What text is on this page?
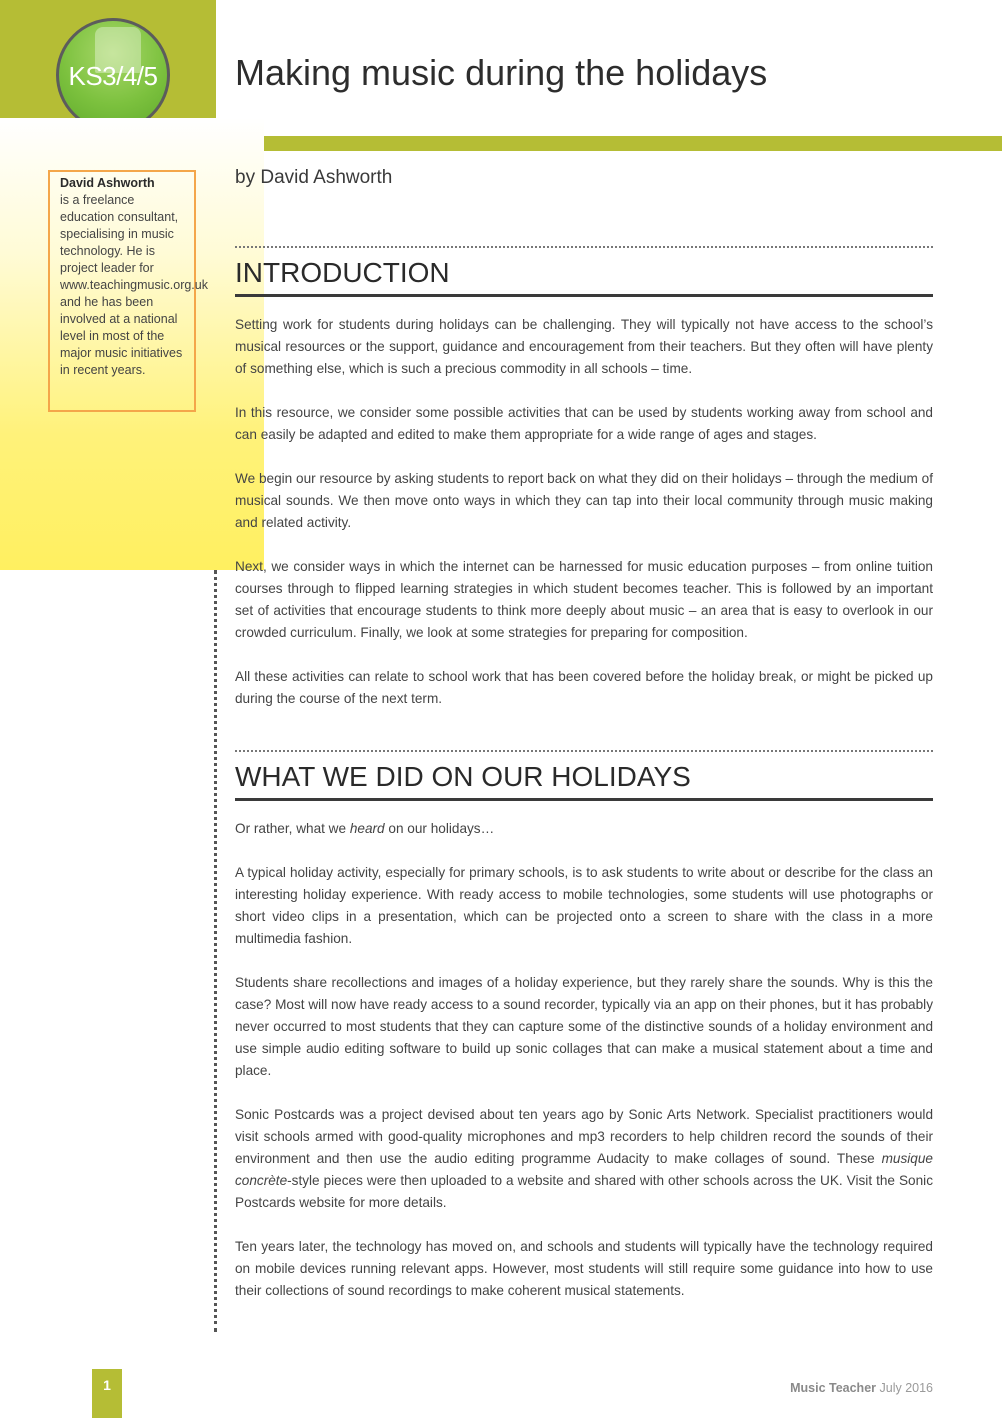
KS3/4/5 Making music during the holidays
David Ashworth
is a freelance education consultant, specialising in music technology. He is project leader for www.teachingmusic.org.uk and he has been involved at a national level in most of the major music initiatives in recent years.
by David Ashworth
INTRODUCTION

Setting work for students during holidays can be challenging. They will typically not have access to the school’s musical resources or the support, guidance and encouragement from their teachers. But they often will have plenty of something else, which is such a precious commodity in all schools – time.

In this resource, we consider some possible activities that can be used by students working away from school and can easily be adapted and edited to make them appropriate for a wide range of ages and stages.

We begin our resource by asking students to report back on what they did on their holidays – through the medium of musical sounds. We then move onto ways in which they can tap into their local community through music making and related activity.

Next, we consider ways in which the internet can be harnessed for music education purposes – from online tuition courses through to flipped learning strategies in which student becomes teacher. This is followed by an important set of activities that encourage students to think more deeply about music – an area that is easy to overlook in our crowded curriculum. Finally, we look at some strategies for preparing for composition.

All these activities can relate to school work that has been covered before the holiday break, or might be picked up during the course of the next term.

WHAT WE DID ON OUR HOLIDAYS

Or rather, what we heard on our holidays…

A typical holiday activity, especially for primary schools, is to ask students to write about or describe for the class an interesting holiday experience. With ready access to mobile technologies, some students will use photographs or short video clips in a presentation, which can be projected onto a screen to share with the class in a more multimedia fashion.

Students share recollections and images of a holiday experience, but they rarely share the sounds. Why is this the case? Most will now have ready access to a sound recorder, typically via an app on their phones, but it has probably never occurred to most students that they can capture some of the distinctive sounds of a holiday environment and use simple audio editing software to build up sonic collages that can make a musical statement about a time and place.

Sonic Postcards was a project devised about ten years ago by Sonic Arts Network. Specialist practitioners would visit schools armed with good-quality microphones and mp3 recorders to help children record the sounds of their environment and then use the audio editing programme Audacity to make collages of sound. These musique concrète-style pieces were then uploaded to a website and shared with other schools across the UK. Visit the Sonic Postcards website for more details.

Ten years later, the technology has moved on, and schools and students will typically have the technology required on mobile devices running relevant apps. However, most students will still require some guidance into how to use their collections of sound recordings to make coherent musical statements.

1	Music Teacher July 2016
